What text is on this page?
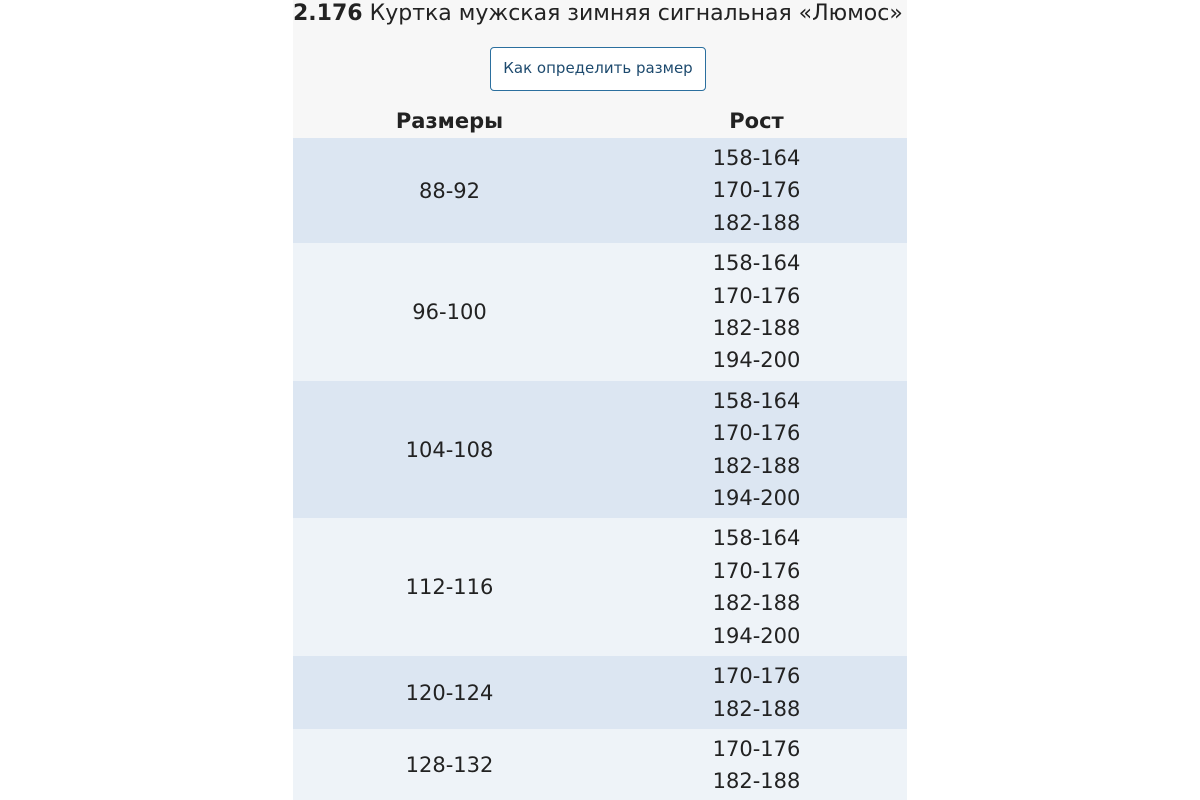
2.176 Куртка мужская зимняя сигнальная «Люмос»
Как определить размер
Размеры	Рост
88-92
158-164
170-176
182-188
96-100
158-164
170-176
182-188
194-200
104-108
158-164
170-176
182-188
194-200
112-116
158-164
170-176
182-188
194-200
120-124
170-176
182-188
128-132
170-176
182-188
